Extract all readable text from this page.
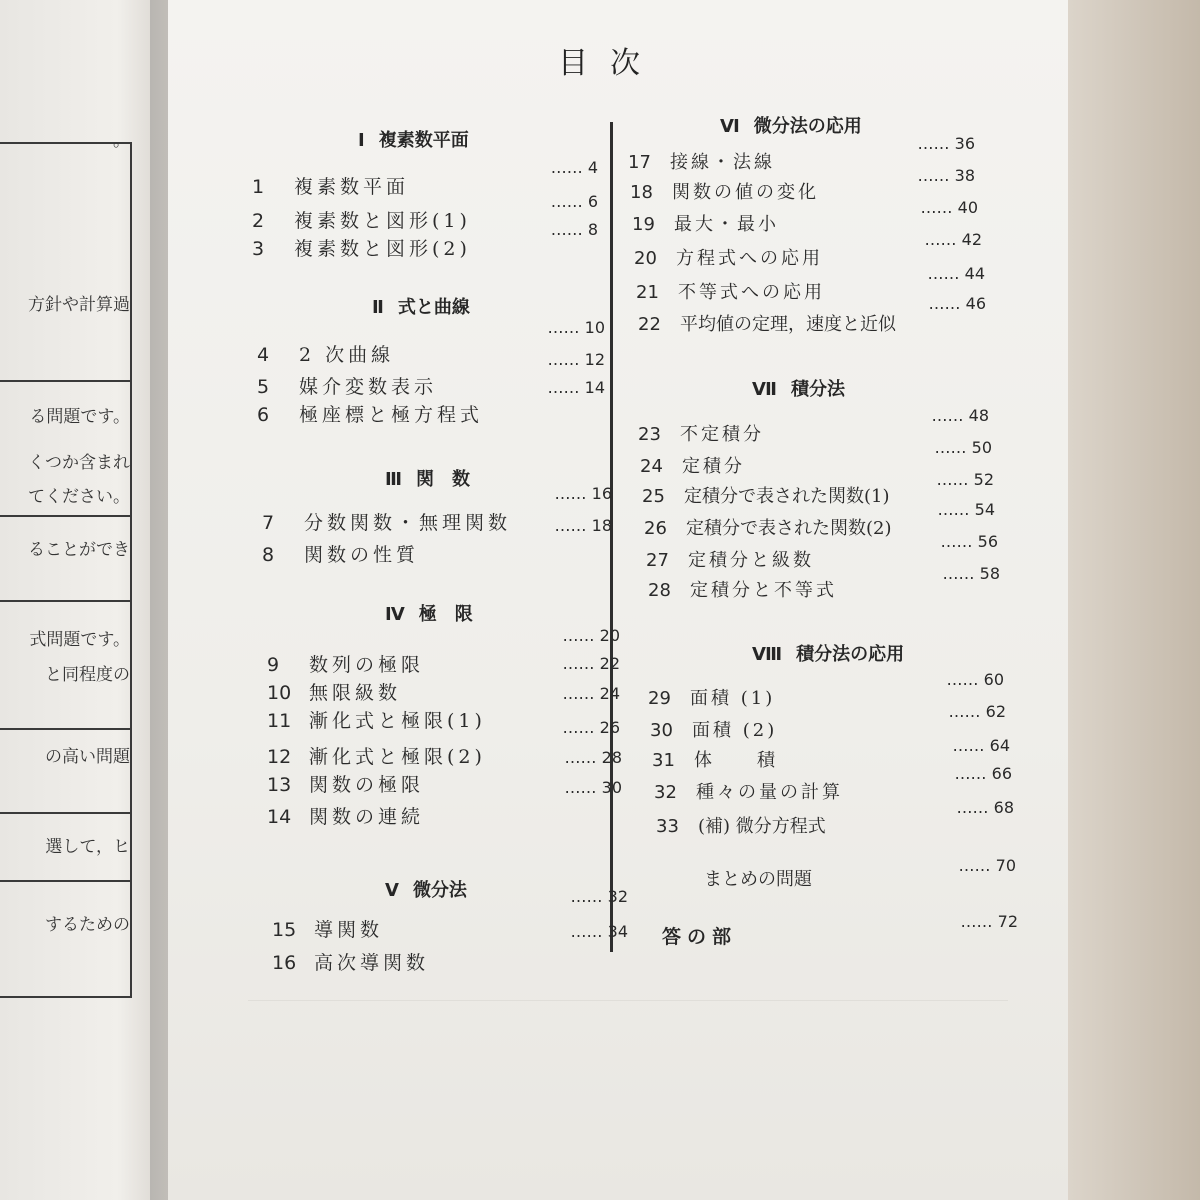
。
方針や計算過
る問題です。
くつか含まれ
てください。
ることができ
式問題です。
と同程度の
の高い問題
選して，ヒ
するための
目次
Ⅰ 複素数平面
1 複素数平面
…… 4
2 複素数と図形(1)
…… 6
3 複素数と図形(2)
…… 8
Ⅱ 式と曲線
4 2 次曲線
…… 10
5 媒介変数表示
…… 12
6 極座標と極方程式
…… 14
Ⅲ 関　数
7 分数関数・無理関数
…… 16
8 関数の性質
…… 18
Ⅳ 極　限
9 数列の極限
…… 20
10 無限級数
…… 22
11 漸化式と極限(1)
…… 24
12 漸化式と極限(2)
…… 26
13 関数の極限
…… 28
14 関数の連続
…… 30
Ⅴ 微分法
15 導関数
…… 32
16 高次導関数
…… 34
Ⅵ 微分法の応用
17 接線・法線
…… 36
18 関数の値の変化
…… 38
19 最大・最小
…… 40
20 方程式への応用
…… 42
21 不等式への応用
…… 44
22 平均値の定理，速度と近似
…… 46
Ⅶ 積分法
23 不定積分
…… 48
24 定積分
…… 50
25 定積分で表された関数(1)
…… 52
26 定積分で表された関数(2)
…… 54
27 定積分と級数
…… 56
28 定積分と不等式
…… 58
Ⅷ 積分法の応用
29 面積 (1)
…… 60
30 面積 (2)
…… 62
31 体　　積
…… 64
32 種々の量の計算
…… 66
33 (補) 微分方程式
…… 68
まとめの問題
…… 70
答の部
…… 72
